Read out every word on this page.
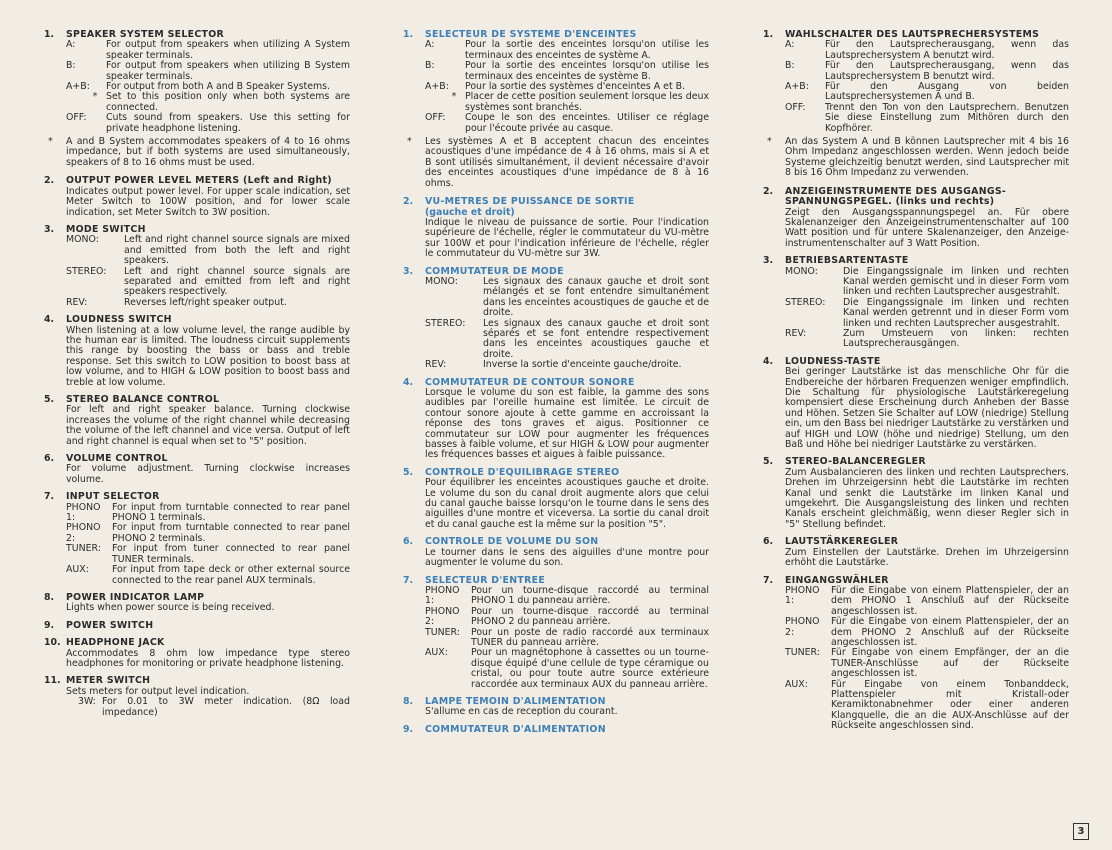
1. SPEAKER SYSTEM SELECTOR
A:	For output from speakers when utilizing A System speaker terminals.
B:	For output from speakers when utilizing B System speaker terminals.
A+B:	For output from both A and B Speaker Systems.
* Set to this position only when both systems are connected.
OFF:	Cuts sound from speakers. Use this setting for private headphone listening.
* A and B System accommodates speakers of 4 to 16 ohms impedance, but if both systems are used simultaneously, speakers of 8 to 16 ohms must be used.
2. OUTPUT POWER LEVEL METERS (Left and Right)
Indicates output power level. For upper scale indication, set Meter Switch to 100W position, and for lower scale indication, set Meter Switch to 3W position.
3. MODE SWITCH
MONO:	Left and right channel source signals are mixed and emitted from both the left and right speakers.
STEREO:	Left and right channel source signals are separated and emitted from left and right speakers respectively.
REV:	Reverses left/right speaker output.
4. LOUDNESS SWITCH
When listening at a low volume level, the range audible by the human ear is limited. The loudness circuit supplements this range by boosting the bass or bass and treble response. Set this switch to LOW position to boost bass at low volume, and to HIGH & LOW position to boost bass and treble at low volume.
5. STEREO BALANCE CONTROL
For left and right speaker balance. Turning clockwise increases the volume of the right channel while decreasing the volume of the left channel and vice versa. Output of left and right channel is equal when set to "5" position.
6. VOLUME CONTROL
For volume adjustment. Turning clockwise increases volume.
7. INPUT SELECTOR
PHONO 1:
For input from turntable connected to rear panel PHONO 1 terminals.
PHONO 2:
For input from turntable connected to rear panel PHONO 2 terminals.
TUNER:	For input from tuner connected to rear panel TUNER terminals.
AUX:	For input from tape deck or other external source connected to the rear panel AUX terminals.
8. POWER INDICATOR LAMP
Lights when power source is being received.
9. POWER SWITCH
10. HEADPHONE JACK
Accommodates 8 ohm low impedance type stereo headphones for monitoring or private headphone listening.
11. METER SWITCH
Sets meters for output level indication.
3W: For 0.01 to 3W meter indication. (8Ω load impedance)
1. SELECTEUR DE SYSTEME D'ENCEINTES
A:	Pour la sortie des enceintes lorsqu'on utilise les terminaux des enceintes de système A.
B:	Pour la sortie des enceintes lorsqu'on utilise les terminaux des enceintes de système B.
A+B:	Pour la sortie des systèmes d'enceintes A et B.
* Placer de cette position seulement lorsque les deux systèmes sont branchés.
OFF:	Coupe le son des enceintes. Utiliser ce réglage pour l'écoute privée au casque.
* Les systèmes A et B acceptent chacun des enceintes acoustiques d'une impédance de 4 à 16 ohms, mais si A et B sont utilisés simultanément, il devient nécessaire d'avoir des enceintes acoustiques d'une impédance de 8 à 16 ohms.
2. VU-METRES DE PUISSANCE DE SORTIE
(gauche et droit)
Indique le niveau de puissance de sortie. Pour l'indication supérieure de l'échelle, régler le commutateur du VU-mètre sur 100W et pour l'indication inférieure de l'échelle, régler le commutateur du VU-mètre sur 3W.
3. COMMUTATEUR DE MODE
MONO:	Les signaux des canaux gauche et droit sont mélangés et se font entendre simultanément dans les enceintes acoustiques de gauche et de droite.
STEREO:	Les signaux des canaux gauche et droit sont séparés et se font entendre respectivement dans les enceintes acoustiques gauche et droite.
REV:	Inverse la sortie d'enceinte gauche/droite.
4. COMMUTATEUR DE CONTOUR SONORE
Lorsque le volume du son est faible, la gamme des sons audibles par l'oreille humaine est limitée. Le circuit de contour sonore ajoute à cette gamme en accroissant la réponse des tons graves et aigus. Positionner ce commutateur sur LOW pour augmenter les fréquences basses à faible volume, et sur HIGH & LOW pour augmenter les fréquences basses et aigues à faible puissance.
5. CONTROLE D'EQUILIBRAGE STEREO
Pour équilibrer les enceintes acoustiques gauche et droite. Le volume du son du canal droit augmente alors que celui du canal gauche baisse lorsqu'on le tourne dans le sens des aiguilles d'une montre et viceversa. La sortie du canal droit et du canal gauche est la même sur la position "5".
6. CONTROLE DE VOLUME DU SON
Le tourner dans le sens des aiguilles d'une montre pour augmenter le volume du son.
7. SELECTEUR D'ENTREE
PHONO 1:
Pour un tourne-disque raccordé au terminal PHONO 1 du panneau arrière.
PHONO 2:
Pour un tourne-disque raccordé au terminal PHONO 2 du panneau arrière.
TUNER:	Pour un poste de radio raccordé aux terminaux TUNER du panneau arrière.
AUX:	Pour un magnétophone à cassettes ou un tourne-disque équipé d'une cellule de type céramique ou cristal, ou pour toute autre source extérieure raccordée aux terminaux AUX du panneau arrière.
8. LAMPE TEMOIN D'ALIMENTATION
S'allume en cas de reception du courant.
9. COMMUTATEUR D'ALIMENTATION
1. WAHLSCHALTER DES LAUTSPRECHERSYSTEMS
A:	Für den Lautsprecherausgang, wenn das Lautsprechersystem A benutzt wird.
B:	Für den Lautsprecherausgang, wenn das Lautsprechersystem B benutzt wird.
A+B:	Für den Ausgang von beiden Lautsprechersystemen A und B.
OFF:	Trennt den Ton von den Lautsprechern. Benutzen Sie diese Einstellung zum Mithören durch den Kopfhörer.
* An das System A und B können Lautsprecher mit 4 bis 16 Ohm Impedanz angeschlossen werden. Wenn jedoch beide Systeme gleichzeitig benutzt werden, sind Lautsprecher mit 8 bis 16 Ohm Impedanz zu verwenden.
2. ANZEIGEINSTRUMENTE DES AUSGANGS-SPANNUNGSPEGEL. (links und rechts)
Zeigt den Ausgangsspannungspegel an. Für obere Skalenanzeiger den Anzeigeinstrumentenschalter auf 100 Watt position und für untere Skalenanzeiger, den Anzeige-instrumentenschalter auf 3 Watt Position.
3. BETRIEBSARTENTASTE
MONO:	Die Eingangssignale im linken und rechten Kanal werden gemischt und in dieser Form vom linken und rechten Lautsprecher ausgestrahlt.
STEREO:	Die Eingangssignale im linken und rechten Kanal werden getrennt und in dieser Form vom linken und rechten Lautsprecher ausgestrahlt.
REV:	Zum Umsteuern von linken: rechten Lautsprecherausgängen.
4. LOUDNESS-TASTE
Bei geringer Lautstärke ist das menschliche Ohr für die Endbereiche der hörbaren Frequenzen weniger empfindlich. Die Schaltung für physiologische Lautstärkeregelung kompensiert diese Erscheinung durch Anheben der Basse und Höhen. Setzen Sie Schalter auf LOW (niedrige) Stellung ein, um den Bass bei niedriger Lautstärke zu verstärken und auf HIGH und LOW (höhe und niedrige) Stellung, um den Baß und Höhe bei niedriger Lautstärke zu verstärken.
5. STEREO-BALANCEREGLER
Zum Ausbalancieren des linken und rechten Lautsprechers. Drehen im Uhrzeigersinn hebt die Lautstärke im rechten Kanal und senkt die Lautstärke im linken Kanal und umgekehrt. Die Ausgangsleistung des linken und rechten Kanals erscheint gleichmäßig, wenn dieser Regler sich in "5" Stellung befindet.
6. LAUTSTÄRKEREGLER
Zum Einstellen der Lautstärke. Drehen im Uhrzeigersinn erhöht die Lautstärke.
7. EINGANGSWÄHLER
PHONO 1:
Für die Eingabe von einem Plattenspieler, der an dem PHONO 1 Anschluß auf der Rückseite angeschlossen ist.
PHONO 2:
Für die Eingabe von einem Plattenspieler, der an dem PHONO 2 Anschluß auf der Rückseite angeschlossen ist.
TUNER:	Für Eingabe von einem Empfänger, der an die TUNER-Anschlüsse auf der Rückseite angeschlossen ist.
AUX:	Für Eingabe von einem Tonbanddeck, Plattenspieler mit Kristall-oder Keramiktonabnehmer oder einer anderen Klangquelle, die an die AUX-Anschlüsse auf der Rückseite angeschlossen sind.
3
